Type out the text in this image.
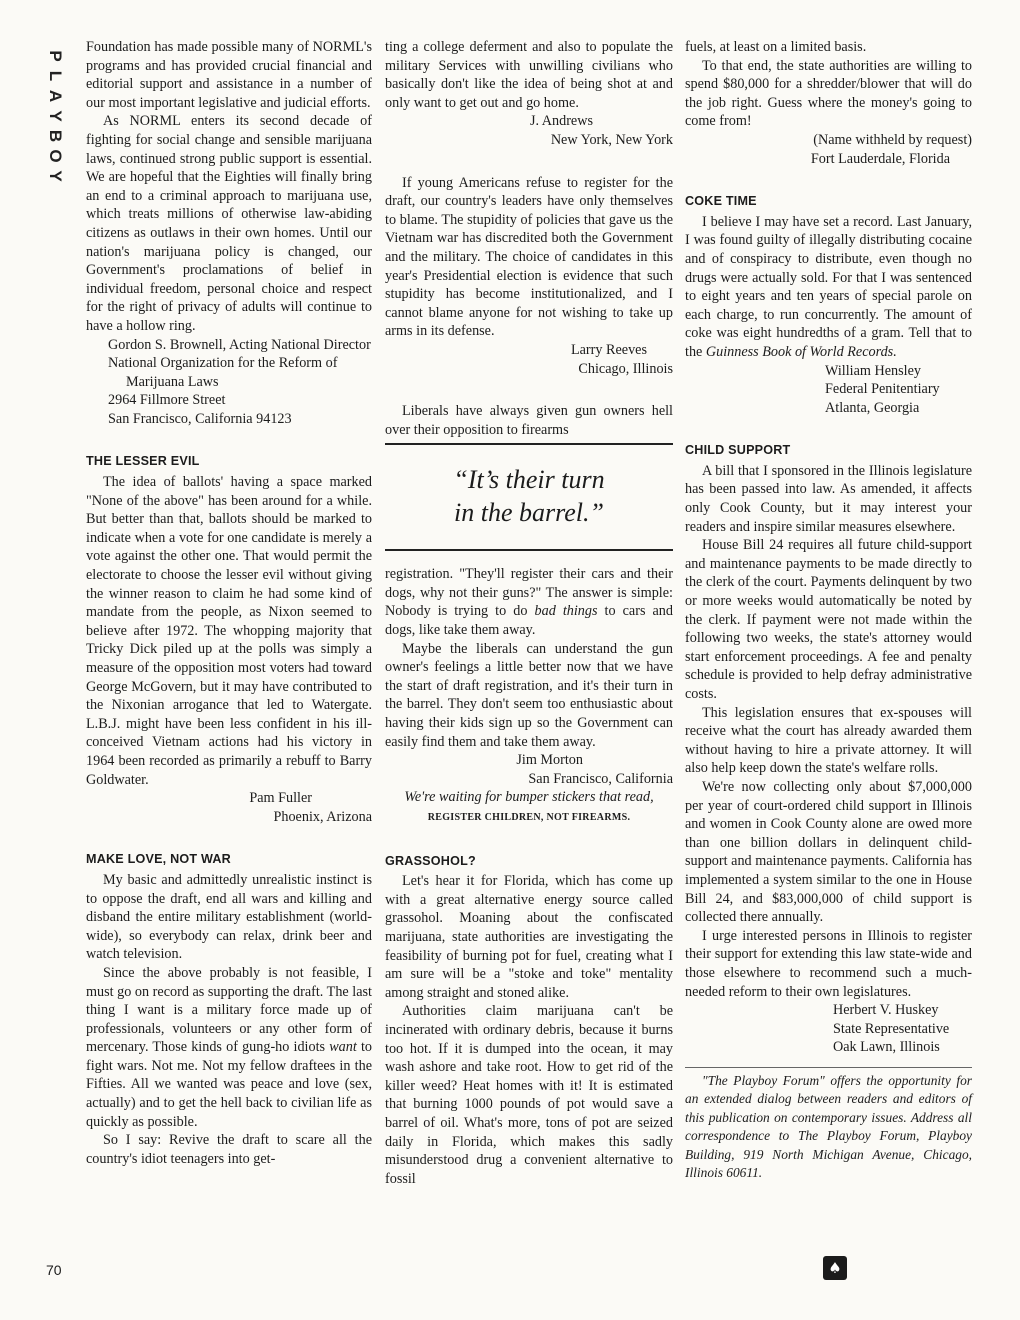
P
L
A
Y
B
O
Y

Foundation has made possible many of NORML's programs and has provided crucial financial and editorial support and assistance in a number of our most important legislative and judicial efforts.

As NORML enters its second decade of fighting for social change and sensible marijuana laws, continued strong public support is essential. We are hopeful that the Eighties will finally bring an end to a criminal approach to marijuana use, which treats millions of otherwise law-abiding citizens as outlaws in their own homes. Until our nation's marijuana policy is changed, our Government's proclamations of belief in individual freedom, personal choice and respect for the right of privacy of adults will continue to have a hollow ring.

Gordon S. Brownell, Acting National Director
National Organization for the Reform of Marijuana Laws
2964 Fillmore Street
San Francisco, California 94123
THE LESSER EVIL

The idea of ballots' having a space marked "None of the above" has been around for a while. But better than that, ballots should be marked to indicate when a vote for one candidate is merely a vote against the other one. That would permit the electorate to choose the lesser evil without giving the winner reason to claim he had some kind of mandate from the people, as Nixon seemed to believe after 1972. The whopping majority that Tricky Dick piled up at the polls was simply a measure of the opposition most voters had toward George McGovern, but it may have contributed to the Nixonian arrogance that led to Watergate. L.B.J. might have been less confident in his ill-conceived Vietnam actions had his victory in 1964 been recorded as primarily a rebuff to Barry Goldwater.

Pam Fuller
Phoenix, Arizona
MAKE LOVE, NOT WAR

My basic and admittedly unrealistic instinct is to oppose the draft, end all wars and killing and disband the entire military establishment (world-wide), so everybody can relax, drink beer and watch television.

Since the above probably is not feasible, I must go on record as supporting the draft. The last thing I want is a military force made up of professionals, volunteers or any other form of mercenary. Those kinds of gung-ho idiots want to fight wars. Not me. Not my fellow draftees in the Fifties. All we wanted was peace and love (sex, actually) and to get the hell back to civilian life as quickly as possible.

So I say: Revive the draft to scare all the country's idiot teenagers into get-

ting a college deferment and also to populate the military Services with unwilling civilians who basically don't like the idea of being shot at and only want to get out and go home.

J. Andrews
New York, New York

If young Americans refuse to register for the draft, our country's leaders have only themselves to blame. The stupidity of policies that gave us the Vietnam war has discredited both the Government and the military. The choice of candidates in this year's Presidential election is evidence that such stupidity has become institutionalized, and I cannot blame anyone for not wishing to take up arms in its defense.

Larry Reeves
Chicago, Illinois

Liberals have always given gun owners hell over their opposition to firearms

“It’s their turn
in the barrel.”

registration. "They'll register their cars and their dogs, why not their guns?" The answer is simple: Nobody is trying to do bad things to cars and dogs, like take them away.

Maybe the liberals can understand the gun owner's feelings a little better now that we have the start of draft registration, and it's their turn in the barrel. They don't seem too enthusiastic about having their kids sign up so the Government can easily find them and take them away.

Jim Morton
San Francisco, California

We're waiting for bumper stickers that read, REGISTER CHILDREN, NOT FIREARMS.

GRASSOHOL?

Let's hear it for Florida, which has come up with a great alternative energy source called grassohol. Moaning about the confiscated marijuana, state authorities are investigating the feasibility of burning pot for fuel, creating what I am sure will be a "stoke and toke" mentality among straight and stoned alike.

Authorities claim marijuana can't be incinerated with ordinary debris, because it burns too hot. If it is dumped into the ocean, it may wash ashore and take root. How to get rid of the killer weed? Heat homes with it! It is estimated that burning 1000 pounds of pot would save a barrel of oil. What's more, tons of pot are seized daily in Florida, which makes this sadly misunderstood drug a convenient alternative to fossil

fuels, at least on a limited basis.

To that end, the state authorities are willing to spend $80,000 for a shredder/blower that will do the job right. Guess where the money's going to come from!

(Name withheld by request)
Fort Lauderdale, Florida
COKE TIME

I believe I may have set a record. Last January, I was found guilty of illegally distributing cocaine and of conspiracy to distribute, even though no drugs were actually sold. For that I was sentenced to eight years and ten years of special parole on each charge, to run concurrently. The amount of coke was eight hundredths of a gram. Tell that to the Guinness Book of World Records.

William Hensley
Federal Penitentiary
Atlanta, Georgia
CHILD SUPPORT

A bill that I sponsored in the Illinois legislature has been passed into law. As amended, it affects only Cook County, but it may interest your readers and inspire similar measures elsewhere.

House Bill 24 requires all future child-support and maintenance payments to be made directly to the clerk of the court. Payments delinquent by two or more weeks would automatically be noted by the clerk. If payment were not made within the following two weeks, the state's attorney would start enforcement proceedings. A fee and penalty schedule is provided to help defray administrative costs.

This legislation ensures that ex-spouses will receive what the court has already awarded them without having to hire a private attorney. It will also help keep down the state's welfare rolls.

We're now collecting only about $7,000,000 per year of court-ordered child support in Illinois and women in Cook County alone are owed more than one billion dollars in delinquent child-support and maintenance payments. California has implemented a system similar to the one in House Bill 24, and $83,000,000 of child support is collected there annually.

I urge interested persons in Illinois to register their support for extending this law state-wide and those elsewhere to recommend such a much-needed reform to their own legislatures.

Herbert V. Huskey
State Representative
Oak Lawn, Illinois
"The Playboy Forum" offers the opportunity for an extended dialog between readers and editors of this publication on contemporary issues. Address all correspondence to The Playboy Forum, Playboy Building, 919 North Michigan Avenue, Chicago, Illinois 60611.
70	♠
